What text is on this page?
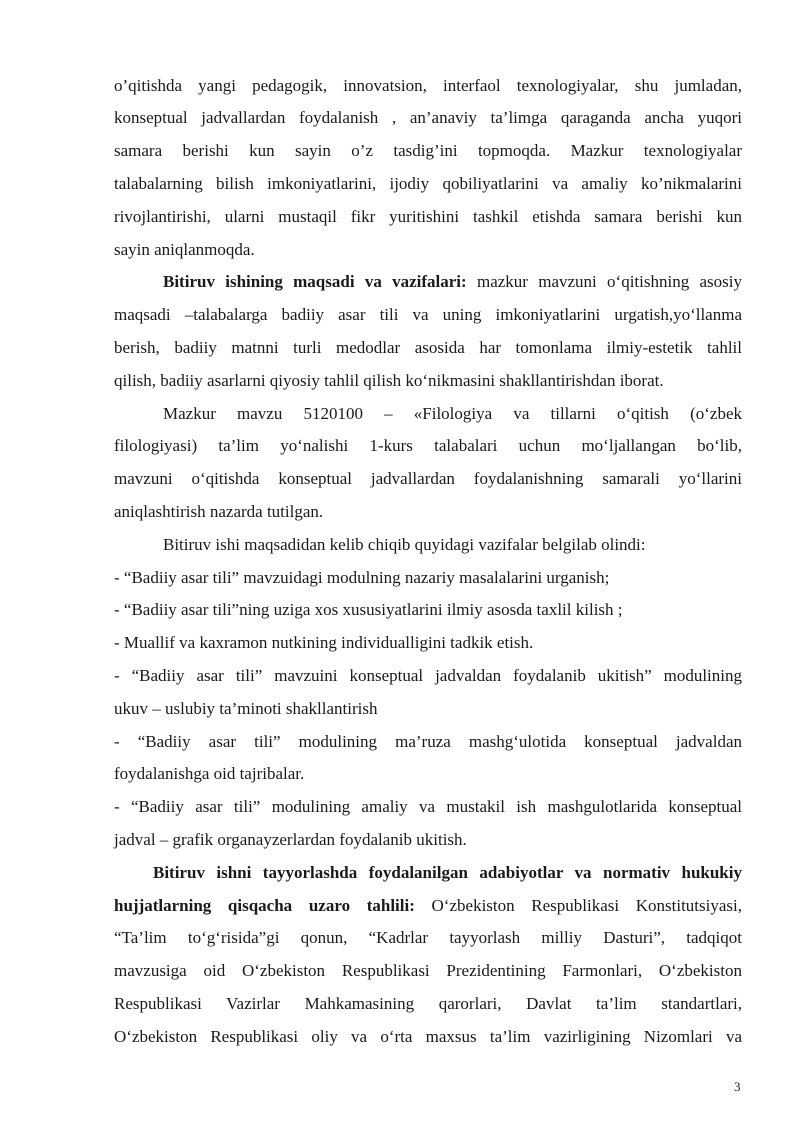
o’qitishda yangi pedagogik, innovatsion, interfaol texnologiyalar, shu jumladan,
konseptual jadvallardan foydalanish , an’anaviy ta’limga qaraganda ancha yuqori
samara berishi kun sayin o’z tasdig’ini topmoqda. Mazkur texnologiyalar
talabalarning bilish imkoniyatlarini, ijodiy qobiliyatlarini va amaliy ko’nikmalarini
rivojlantirishi, ularni mustaqil fikr yuritishini tashkil etishda samara berishi kun
sayin aniqlanmoqda.
Bitiruv ishining maqsadi va vazifalari: mazkur mavzuni o‘qitishning asosiy
maqsadi –talabalarga badiiy asar tili va uning imkoniyatlarini urgatish,yo‘llanma
berish, badiiy matnni turli medodlar asosida har tomonlama ilmiy-estetik tahlil
qilish, badiiy asarlarni qiyosiy tahlil qilish ko‘nikmasini shakllantirishdan iborat.
Mazkur mavzu 5120100 – «Filologiya va tillarni o‘qitish (o‘zbek
filologiyasi) ta’lim yo‘nalishi 1-kurs talabalari uchun mo‘ljallangan bo‘lib,
mavzuni o‘qitishda konseptual jadvallardan foydalanishning samarali yo‘llarini
aniqlashtirish nazarda tutilgan.
Bitiruv ishi maqsadidan kelib chiqib quyidagi vazifalar belgilab olindi:
- “Badiiy asar tili” mavzuidagi modulning nazariy masalalarini urganish;
- “Badiiy asar tili”ning uziga xos xususiyatlarini ilmiy asosda taxlil kilish ;
- Muallif va kaxramon nutkining individualligini tadkik etish.
- “Badiiy asar tili” mavzuini konseptual jadvaldan foydalanib ukitish” modulining
ukuv – uslubiy ta’minoti shakllantirish
- “Badiiy asar tili” modulining ma’ruza mashg‘ulotida konseptual jadvaldan
foydalanishga oid tajribalar.
- “Badiiy asar tili” modulining amaliy va mustakil ish mashgulotlarida konseptual
jadval – grafik organayzerlardan foydalanib ukitish.
Bitiruv ishni tayyorlashda foydalanilgan adabiyotlar va normativ hukukiy
hujjatlarning qisqacha uzaro tahlili: O‘zbekiston Respublikasi Konstitutsiyasi,
“Ta’lim to‘g‘risida”gi qonun, “Kadrlar tayyorlash milliy Dasturi”, tadqiqot
mavzusiga oid O‘zbekiston Respublikasi Prezidentining Farmonlari, O‘zbekiston
Respublikasi Vazirlar Mahkamasining qarorlari, Davlat ta’lim standartlari,
O‘zbekiston Respublikasi oliy va o‘rta maxsus ta’lim vazirligining Nizomlari va
3
